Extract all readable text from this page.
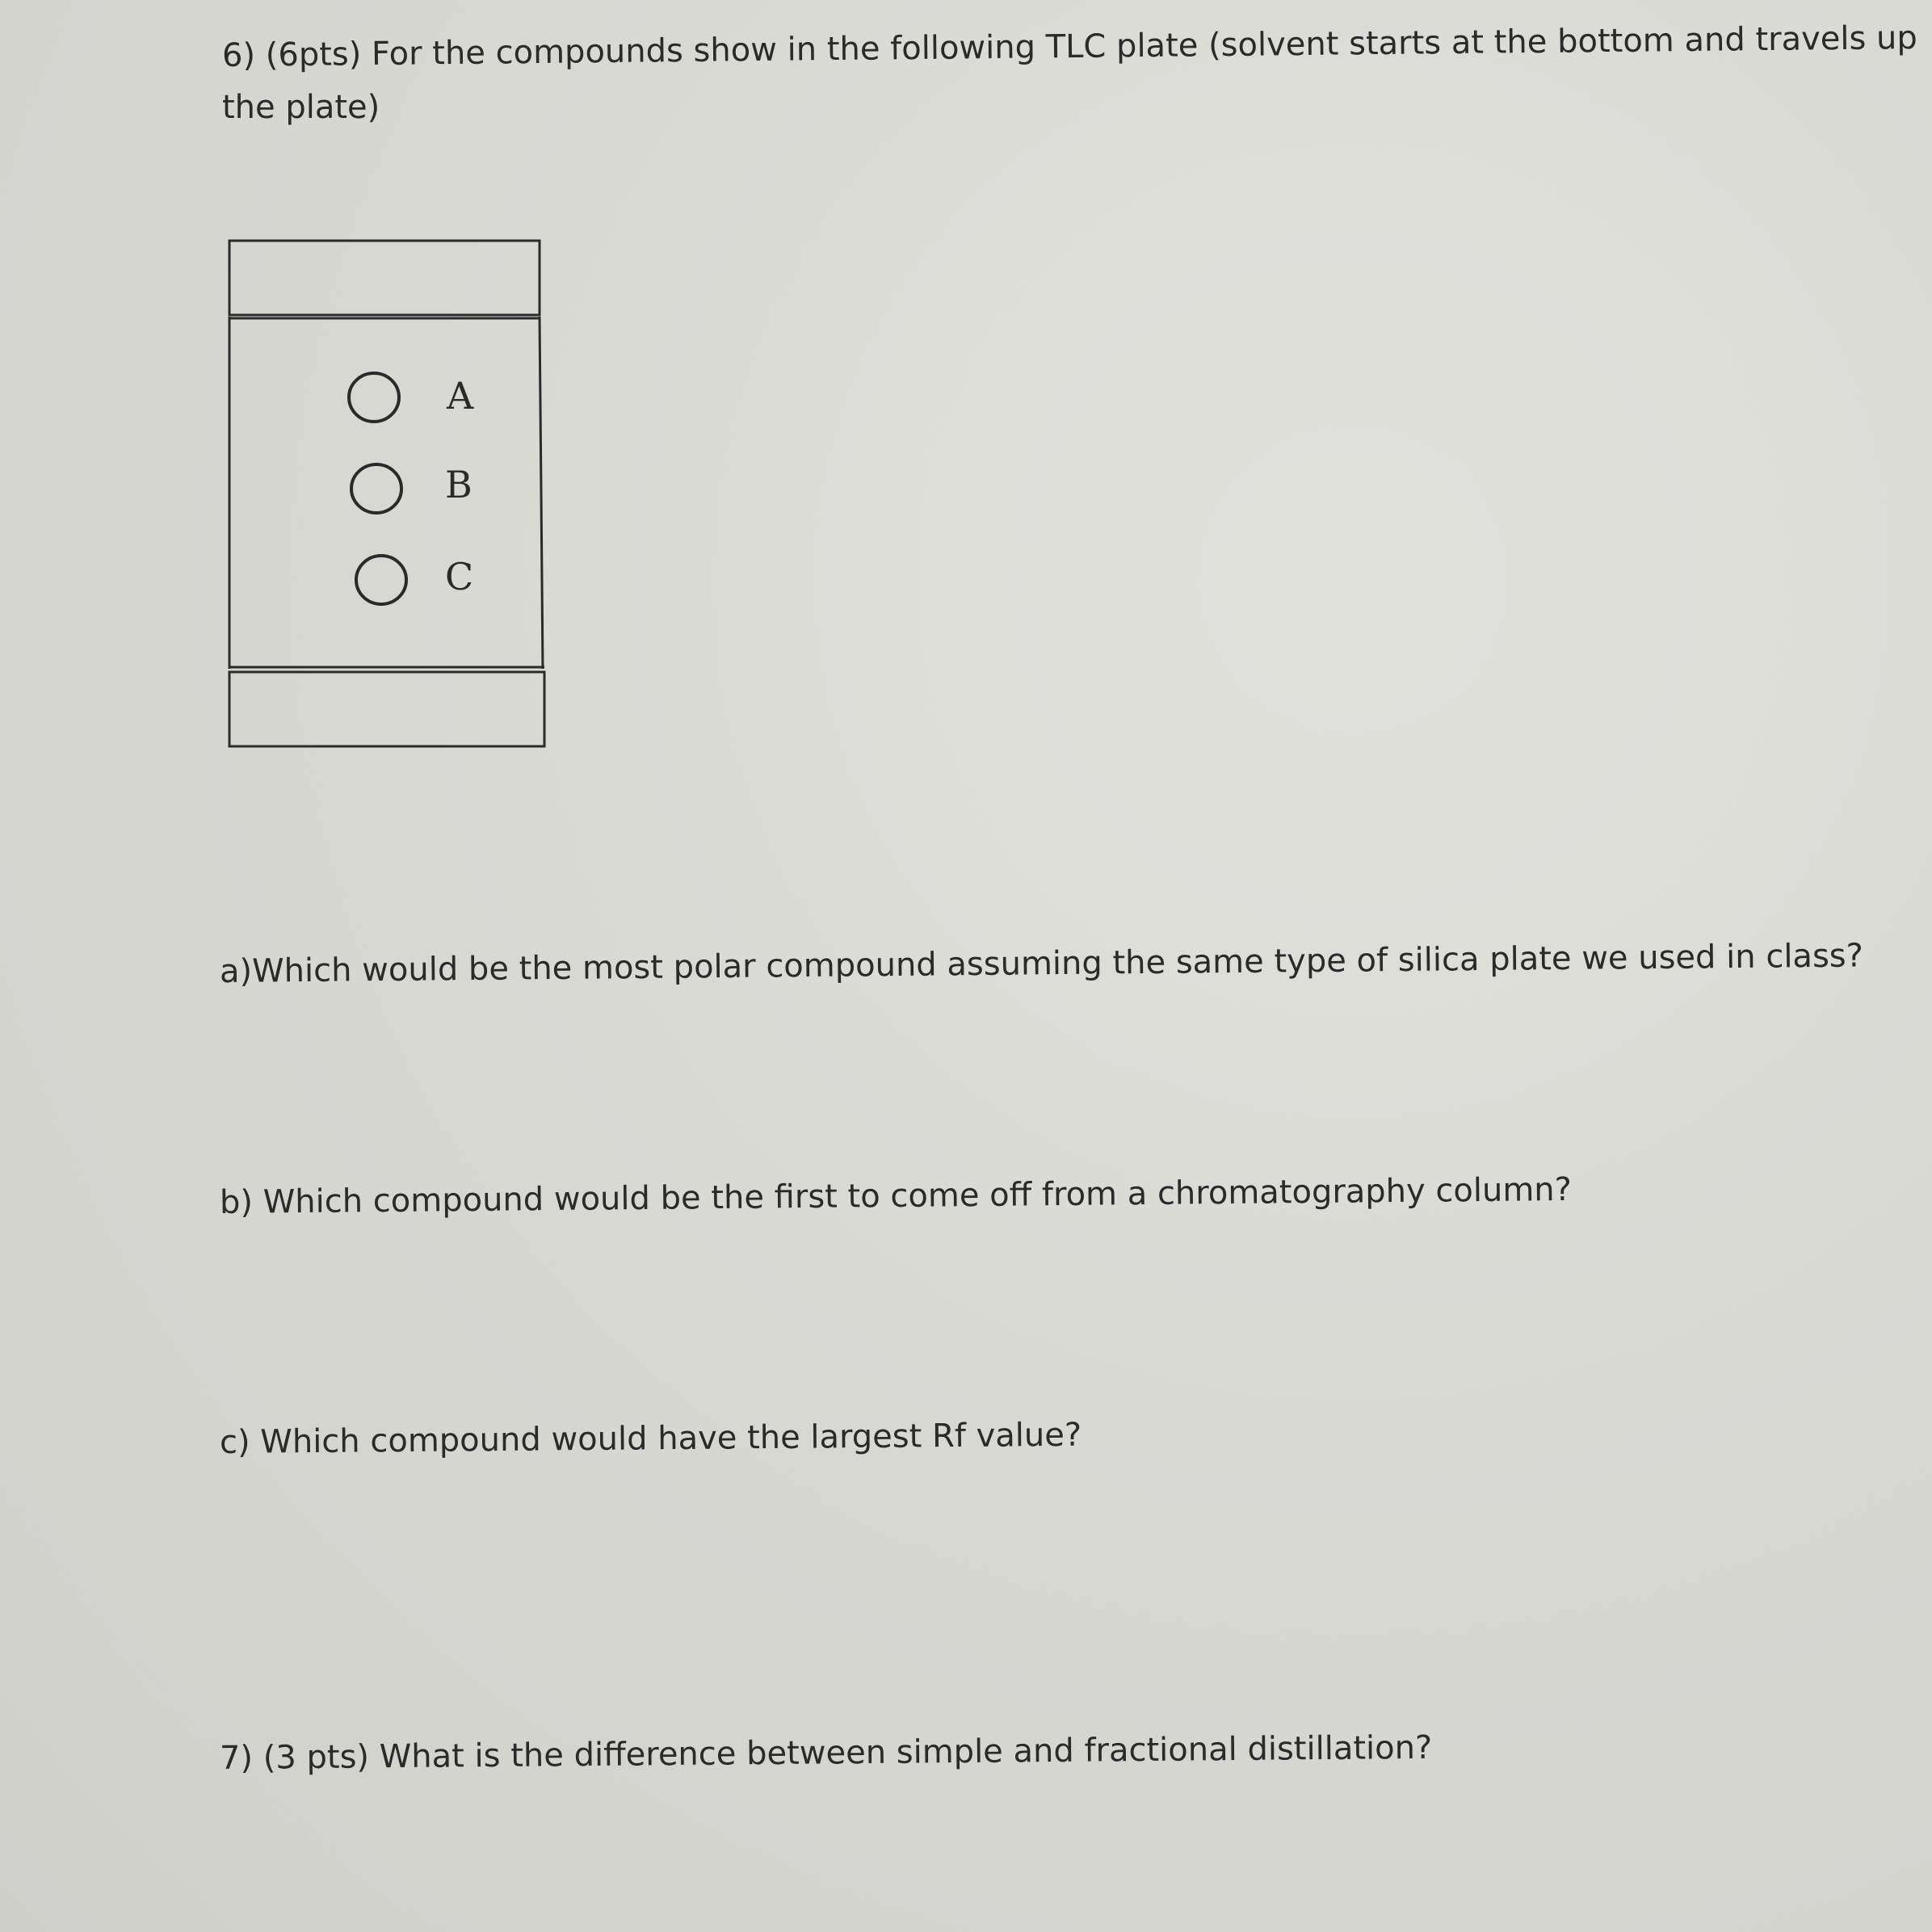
6) (6pts) For the compounds show in the following TLC plate (solvent starts at the bottom and travels up
the plate)
A
B
C
a)Which would be the most polar compound assuming the same type of silica plate we used in class?
b) Which compound would be the first to come off from a chromatography column?
c) Which compound would have the largest Rf value?
7) (3 pts) What is the difference between simple and fractional distillation?
